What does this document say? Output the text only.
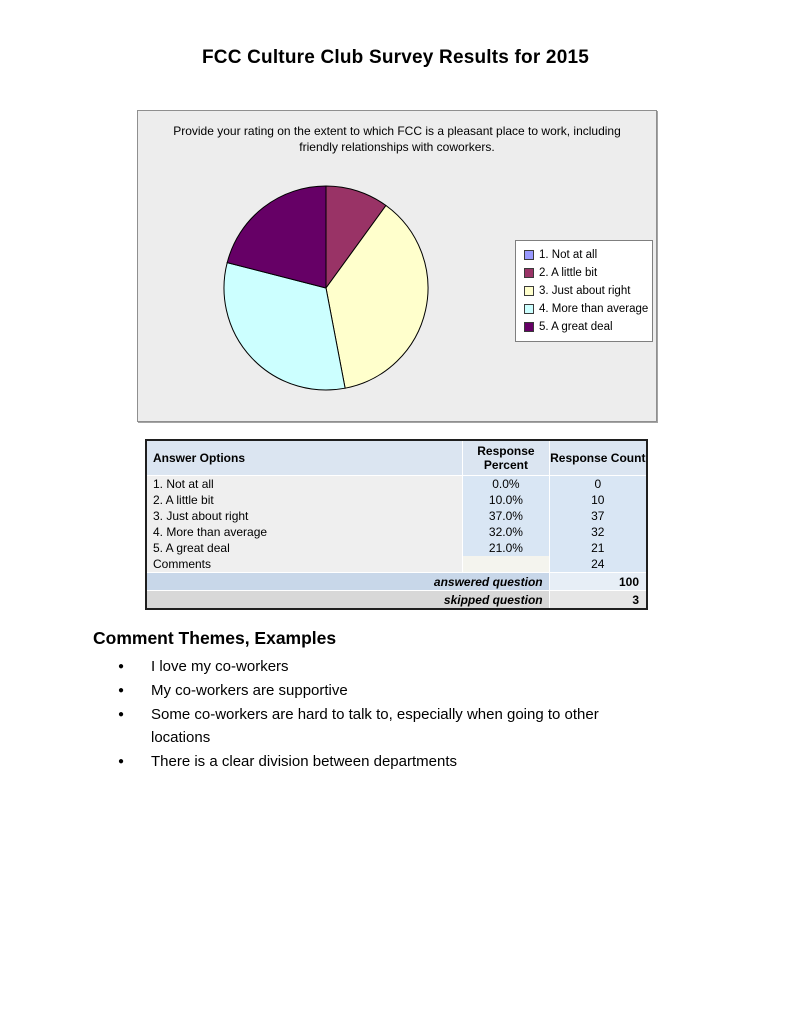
FCC Culture Club Survey Results for 2015
Provide your rating on the extent to which FCC is a pleasant place to work, including friendly relationships with coworkers.
1. Not at all
2. A little bit
3. Just about right
4. More than average
5. A great deal
Answer Options	Response Percent	Response Count
1. Not at all	0.0%	0
2. A little bit	10.0%	10
3. Just about right	37.0%	37
4. More than average	32.0%	32
5. A great deal	21.0%	21
Comments		24
answered question		100
skipped question		3
Comment Themes, Examples
● I love my co-workers
● My co-workers are supportive
● Some co-workers are hard to talk to, especially when going to other locations
● There is a clear division between departments
